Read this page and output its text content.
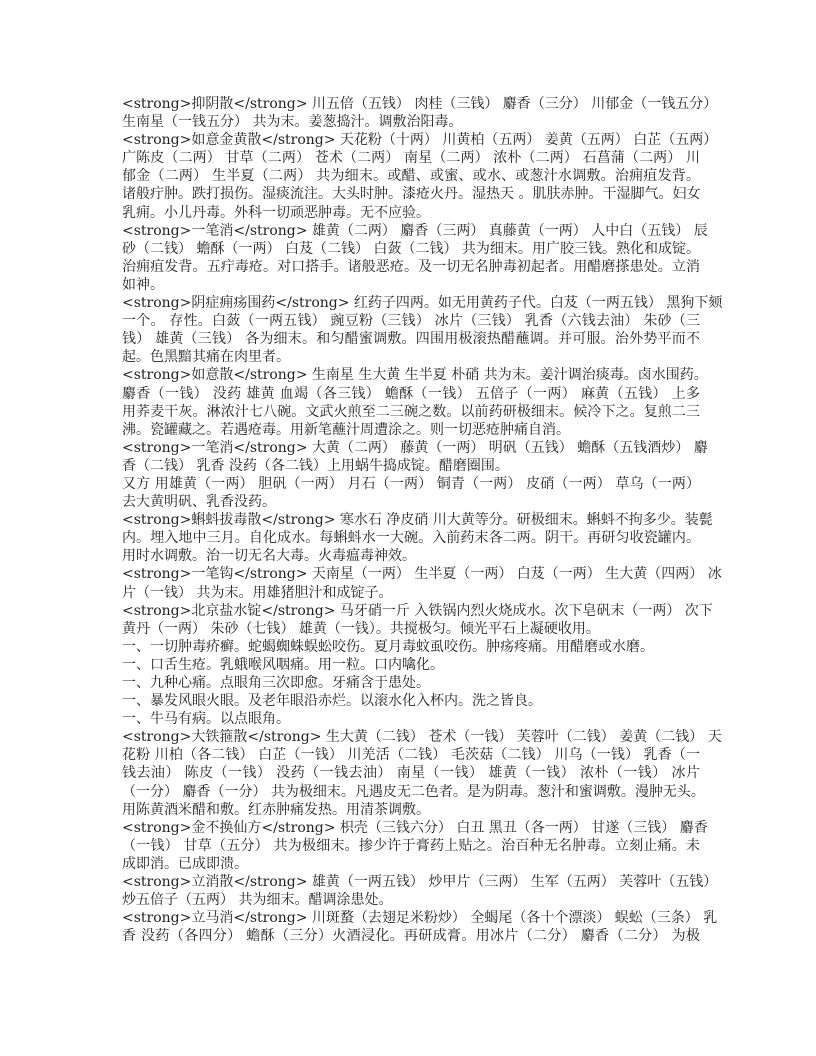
<strong>抑阴散</strong> 川五倍（五钱） 肉桂（三钱） 麝香（三分） 川郁金（一钱五分）
生南星（一钱五分） 共为末。姜葱捣汁。调敷治阳毒。
<strong>如意金黄散</strong> 天花粉（十两） 川黄柏（五两） 姜黄（五两） 白芷（五两）
广陈皮（二两） 甘草（二两） 苍术（二两） 南星（二两） 浓朴（二两） 石菖蒲（二两） 川
郁金（二两） 生半夏（二两） 共为细末。或醋、或蜜、或水、或葱汁水调敷。治痈疽发背。
诸般疔肿。跌打损伤。湿痰流注。大头时肿。漆疮火丹。湿热天 。肌肤赤肿。干湿脚气。妇女
乳痈。小儿丹毒。外科一切顽恶肿毒。无不应验。
<strong>一笔消</strong> 雄黄（二两） 麝香（三两） 真藤黄（一两） 人中白（五钱） 辰
砂（二钱） 蟾酥（一两） 白芨（二钱） 白蔹（二钱） 共为细末。用广胶三钱。熟化和成锭。
治痈疽发背。五疔毒疮。对口搭手。诸般恶疮。及一切无名肿毒初起者。用醋磨搽患处。立消
如神。
<strong>阴症痈疡围药</strong> 红药子四两。如无用黄药子代。白芨（一两五钱） 黑狗下颏
一个。 存性。白蔹（一两五钱） 豌豆粉（三钱） 冰片（三钱） 乳香（六钱去油） 朱砂（三
钱） 雄黄（三钱） 各为细末。和匀醋蜜调敷。四围用极滚热醋蘸调。并可服。治外势平而不
起。色黑黯其痛在肉里者。
<strong>如意散</strong> 生南星 生大黄 生半夏 朴硝 共为末。姜汁调治痰毒。卤水围药。
麝香（一钱） 没药 雄黄 血竭（各三钱） 蟾酥（一钱） 五倍子（一两） 麻黄（五钱） 上多
用荞麦干灰。淋浓汁七八碗。文武火煎至二三碗之数。以前药研极细末。候冷下之。复煎二三
沸。瓷罐藏之。若遇疮毒。用新笔蘸汁周遭涂之。则一切恶疮肿痛自消。
<strong>一笔消</strong> 大黄（二两） 藤黄（一两） 明矾（五钱） 蟾酥（五钱酒炒） 麝
香（二钱） 乳香 没药（各二钱）上用蜗牛捣成锭。醋磨圈围。
又方 用雄黄（一两） 胆矾（一两） 月石（一两） 铜青（一两） 皮硝（一两） 草乌（一两）
去大黄明矾、乳香没药。
<strong>蝌蚪拔毒散</strong> 寒水石 净皮硝 川大黄等分。研极细末。蝌蚪不拘多少。装甏
内。埋入地中三月。自化成水。每蝌蚪水一大碗。入前药末各二两。阴干。再研匀收瓷罐内。
用时水调敷。治一切无名大毒。火毒瘟毒神效。
<strong>一笔钩</strong> 天南星（一两） 生半夏（一两） 白芨（一两） 生大黄（四两） 冰
片（一钱） 共为末。用雄猪胆汁和成锭子。
<strong>北京盐水锭</strong> 马牙硝一斤 入铁锅内烈火烧成水。次下皂矾末（一两） 次下
黄丹（一两） 朱砂（七钱） 雄黄（一钱）。共搅极匀。倾光平石上凝硬收用。
一、一切肿毒疥癣。蛇蝎蜘蛛蜈蚣咬伤。夏月毒蚊虱咬伤。肿疡疼痛。用醋磨或水磨。
一、口舌生疮。乳蛾喉风咽痛。用一粒。口内噙化。
一、九种心痛。点眼角三次即愈。牙痛含于患处。
一、暴发风眼火眼。及老年眼沿赤烂。以滚水化入杯内。洗之皆良。
一、牛马有病。以点眼角。
<strong>大铁箍散</strong> 生大黄（二钱） 苍术（一钱） 芙蓉叶（二钱） 姜黄（二钱） 天
花粉 川柏（各二钱） 白芷（一钱） 川羌活（二钱） 毛茨菇（二钱） 川乌（一钱） 乳香（一
钱去油） 陈皮（一钱） 没药（一钱去油） 南星（一钱） 雄黄（一钱） 浓朴（一钱） 冰片
（一分） 麝香（一分） 共为极细末。凡遇皮无二色者。是为阴毒。葱汁和蜜调敷。漫肿无头。
用陈黄酒米醋和敷。红赤肿痛发热。用清茶调敷。
<strong>金不换仙方</strong> 枳壳（三钱六分） 白丑 黑丑（各一两） 甘遂（三钱） 麝香
（一钱） 甘草（五分） 共为极细末。掺少许于膏药上贴之。治百种无名肿毒。立刻止痛。未
成即消。已成即溃。
<strong>立消散</strong> 雄黄（一两五钱） 炒甲片（三两） 生军（五两） 芙蓉叶（五钱）
炒五倍子（五两） 共为细末。醋调涂患处。
<strong>立马消</strong> 川斑蝥（去翅足米粉炒） 全蝎尾（各十个漂淡） 蜈蚣（三条） 乳
香 没药（各四分） 蟾酥（三分）火酒浸化。再研成膏。用冰片（二分） 麝香（二分） 为极
